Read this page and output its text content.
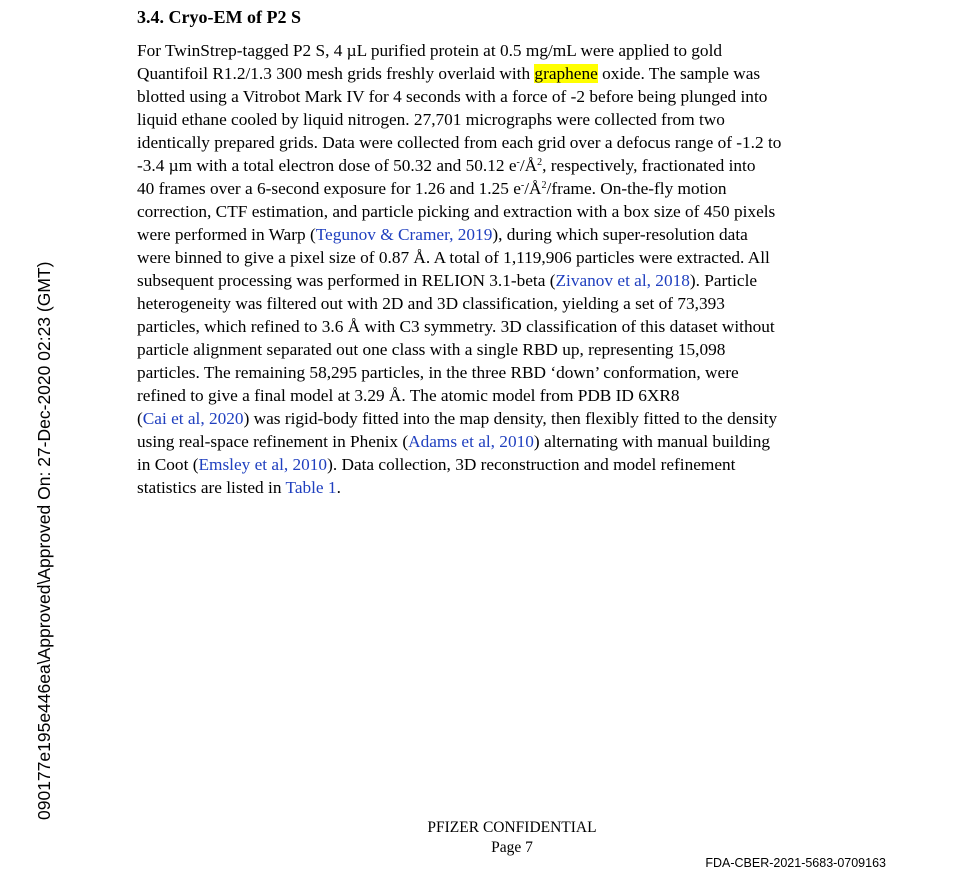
090177e195e446ea\Approved\Approved On: 27-Dec-2020 02:23 (GMT)
3.4. Cryo-EM of P2 S

For TwinStrep-tagged P2 S, 4 µL purified protein at 0.5 mg/mL were applied to gold
Quantifoil R1.2/1.3 300 mesh grids freshly overlaid with graphene oxide. The sample was
blotted using a Vitrobot Mark IV for 4 seconds with a force of -2 before being plunged into
liquid ethane cooled by liquid nitrogen. 27,701 micrographs were collected from two
identically prepared grids. Data were collected from each grid over a defocus range of -1.2 to
-3.4 µm with a total electron dose of 50.32 and 50.12 $e^-/Å^2$, respectively, fractionated into
40 frames over a 6-second exposure for 1.26 and 1.25 $e^-/Å^2$/frame. On-the-fly motion
correction, CTF estimation, and particle picking and extraction with a box size of 450 pixels
were performed in Warp (Tegunov & Cramer, 2019), during which super-resolution data
were binned to give a pixel size of 0.87 Å. A total of 1,119,906 particles were extracted. All
subsequent processing was performed in RELION 3.1-beta (Zivanov et al, 2018). Particle
heterogeneity was filtered out with 2D and 3D classification, yielding a set of 73,393
particles, which refined to 3.6 Å with C3 symmetry. 3D classification of this dataset without
particle alignment separated out one class with a single RBD up, representing 15,098
particles. The remaining 58,295 particles, in the three RBD ‘down’ conformation, were
refined to give a final model at 3.29 Å. The atomic model from PDB ID 6XR8
(Cai et al, 2020) was rigid-body fitted into the map density, then flexibly fitted to the density
using real-space refinement in Phenix (Adams et al, 2010) alternating with manual building
in Coot (Emsley et al, 2010). Data collection, 3D reconstruction and model refinement
statistics are listed in Table 1.

PFIZER CONFIDENTIAL
Page 7
FDA-CBER-2021-5683-0709163
